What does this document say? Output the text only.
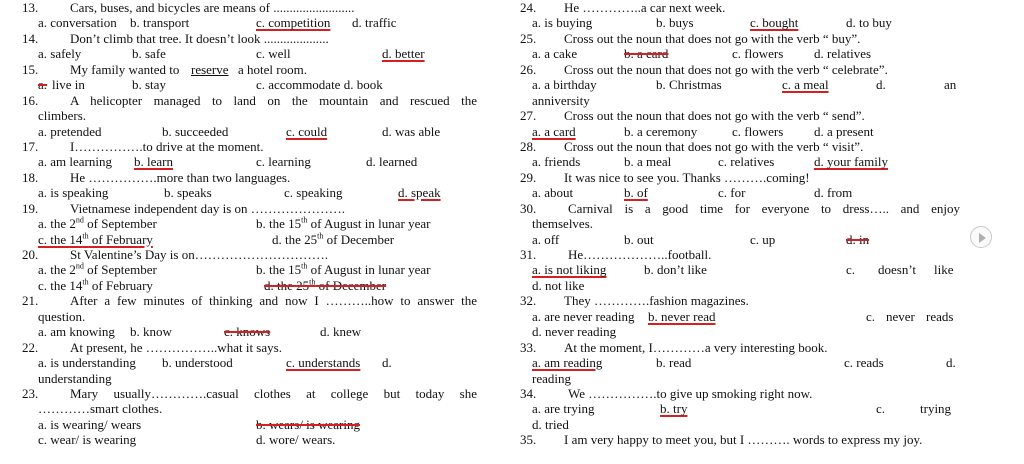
13. Cars, buses, and bicycles are means of .........................
a. conversation b. transport	c. competition d. traffic
14. Don’t climb that tree. It doesn’t look ....................
a. safely	b. safe	c. well	d. better
15. My family wanted to reserve a hotel room.
a. live in	b. stay	c. accommodate d. book
16. A helicopter managed to land on the mountain and rescued the
climbers.
a. pretended	b. succeeded	c. could	d. was able
17. I…………….to drive at the moment.
a. am learning b. learn	c. learning	d. learned
18. He …………….more than two languages.
a. is speaking	b. speaks	c. speaking	d. speak
19. Vietnamese independent day is on ………………….
a. the 2nd of September	b. the 15th of August in lunar year
c. the 14th of February	d. the 25th of December
20. St Valentine’s Day is on………………………….
a. the 2nd of September	b. the 15th of August in lunar year
c. the 14th of February	d. the 25th of December
21. After a few minutes of thinking and now I ………..how to answer the
question.
a. am knowing b. know	c. knows	d. knew
22. At present, he ……………..what it says.
a. is understanding b. understood	c. understands d.
understanding
23. Mary usually………….casual clothes at college but today she
…………smart clothes.
a. is wearing/ wears	b. wears/ is wearing
c. wear/ is wearing	d. wore/ wears.
24. He …………..a car next week.
a. is buying	b. buys	c. bought	d. to buy
25. Cross out the noun that does not go with the verb “ buy”.
a. a cake	b. a card	c. flowers d. relatives
26. Cross out the noun that does not go with the verb “ celebrate”.
a. a birthday	b. Christmas	c. a meal	d.	an
anniversity
27. Cross out the noun that does not go with the verb “ send”.
a. a card	b. a ceremony	c. flowers d. a present
28. Cross out the noun that does not go with the verb “ visit”.
a. friends	b. a meal	c. relatives	d. your family
29. It was nice to see you. Thanks ……….coming!
a. about	b. of	c. for	d. from
30. Carnival is a good time for everyone to dress….. and enjoy
themselves.
a. off	b. out	c. up	d. in
31. He………………..football.
a. is not liking	b. don’t like	c. doesn’t like
d. not like
32. They ………….fashion magazines.
a. are never reading b. never read	c. never reads
d. never reading
33. At the moment, I…………a very interesting book.
a. am reading	b. read	c. reads	d.
reading
34. We …………….to give up smoking right now.
a. are trying	b. try	c.	trying
d. tried
35. I am very happy to meet you, but I ………. words to express my joy.
